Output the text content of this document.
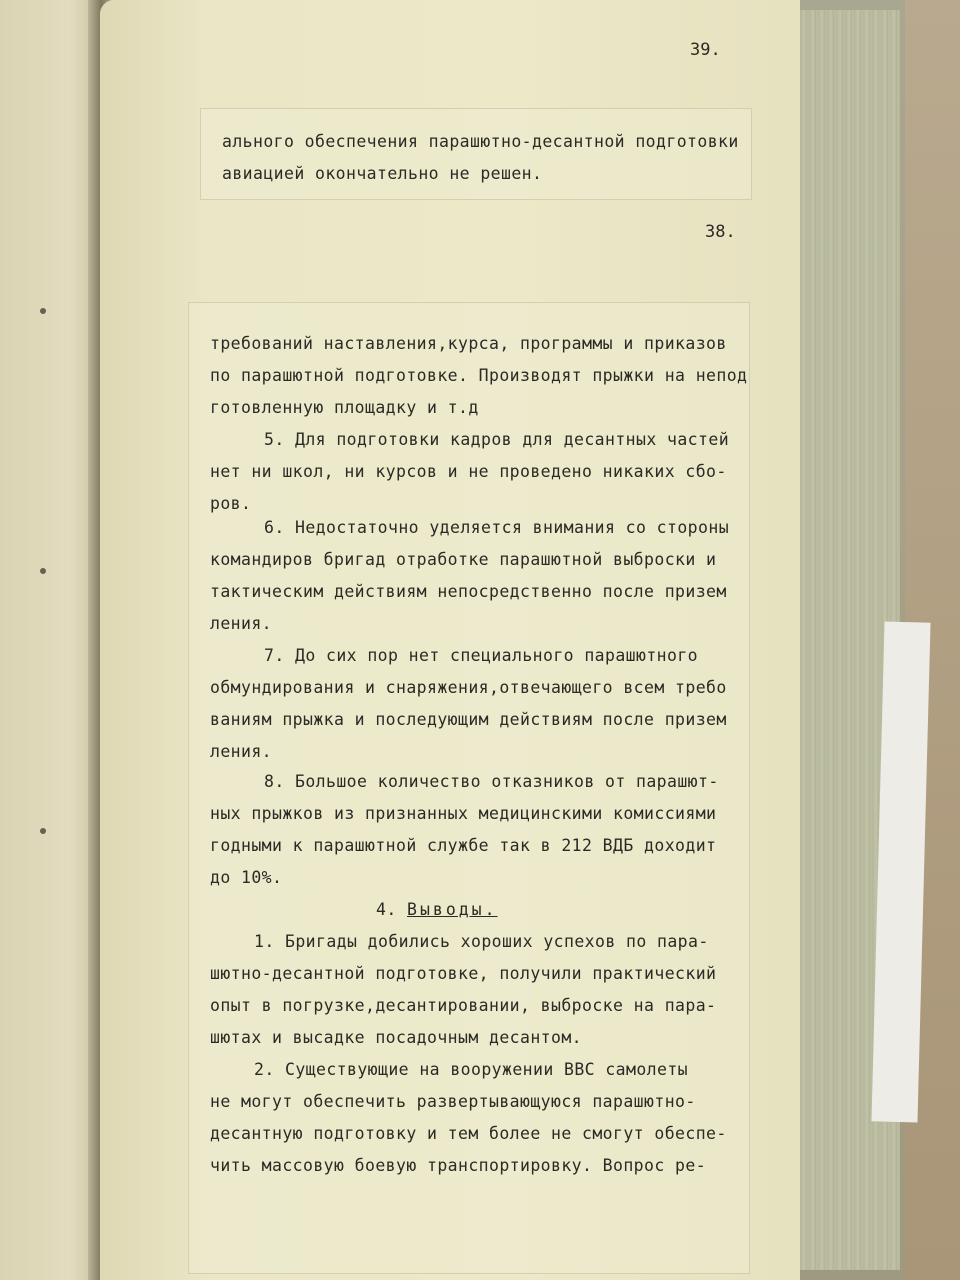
39.
ального обеспечения парашютно-десантной подготовки
авиацией окончательно не решен.
38.
требований наставления,курса, программы и приказов
по парашютной подготовке. Производят прыжки на непод
готовленную площадку и т.д
5. Для подготовки кадров для десантных частей
нет ни школ, ни курсов и не проведено никаких сбо-
ров.
6. Недостаточно уделяется внимания со стороны
командиров бригад отработке парашютной выброски и
тактическим действиям непосредственно после призем
ления.
7. До сих пор нет специального парашютного
обмундирования и снаряжения,отвечающего всем требо
ваниям прыжка и последующим действиям после призем
ления.
8. Большое количество отказников от парашют-
ных прыжков из признанных медицинскими комиссиями
годными к парашютной службе так в 212 ВДБ доходит
до 10%.
4. Выводы.
1. Бригады добились хороших успехов по пара-
шютно-десантной подготовке, получили практический
опыт в погрузке,десантировании, выброске на пара-
шютах и высадке посадочным десантом.
2. Существующие на вооружении ВВС самолеты
не могут обеспечить развертывающуюся парашютно-
десантную подготовку и тем более не смогут обеспе-
чить массовую боевую транспортировку. Вопрос ре-
